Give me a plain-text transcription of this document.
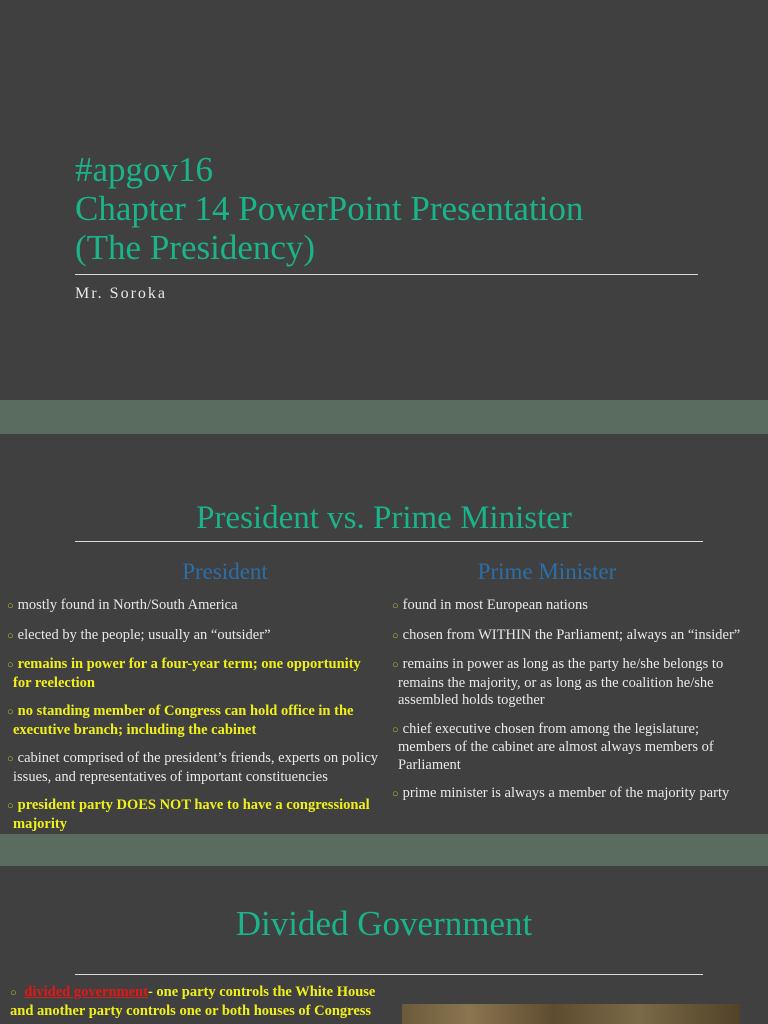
#apgov16
Chapter 14 PowerPoint Presentation
(The Presidency)
Mr. Soroka
President vs. Prime Minister
President	Prime Minister
○ mostly found in North/South America
○ elected by the people; usually an “outsider”
○ remains in power for a four-year term; one opportunity for reelection
○ no standing member of Congress can hold office in the executive branch; including the cabinet
○ cabinet comprised of the president’s friends, experts on policy issues, and representatives of important constituencies
○ president party DOES NOT have to have a congressional majority
○ found in most European nations
○ chosen from WITHIN the Parliament; always an “insider”
○ remains in power as long as the party he/she belongs to remains the majority, or as long as the coalition he/she assembled holds together
○ chief executive chosen from among the legislature; members of the cabinet are almost always members of Parliament
○ prime minister is always a member of the majority party
Divided Government
○ divided government- one party controls the White House and another party controls one or both houses of Congress
